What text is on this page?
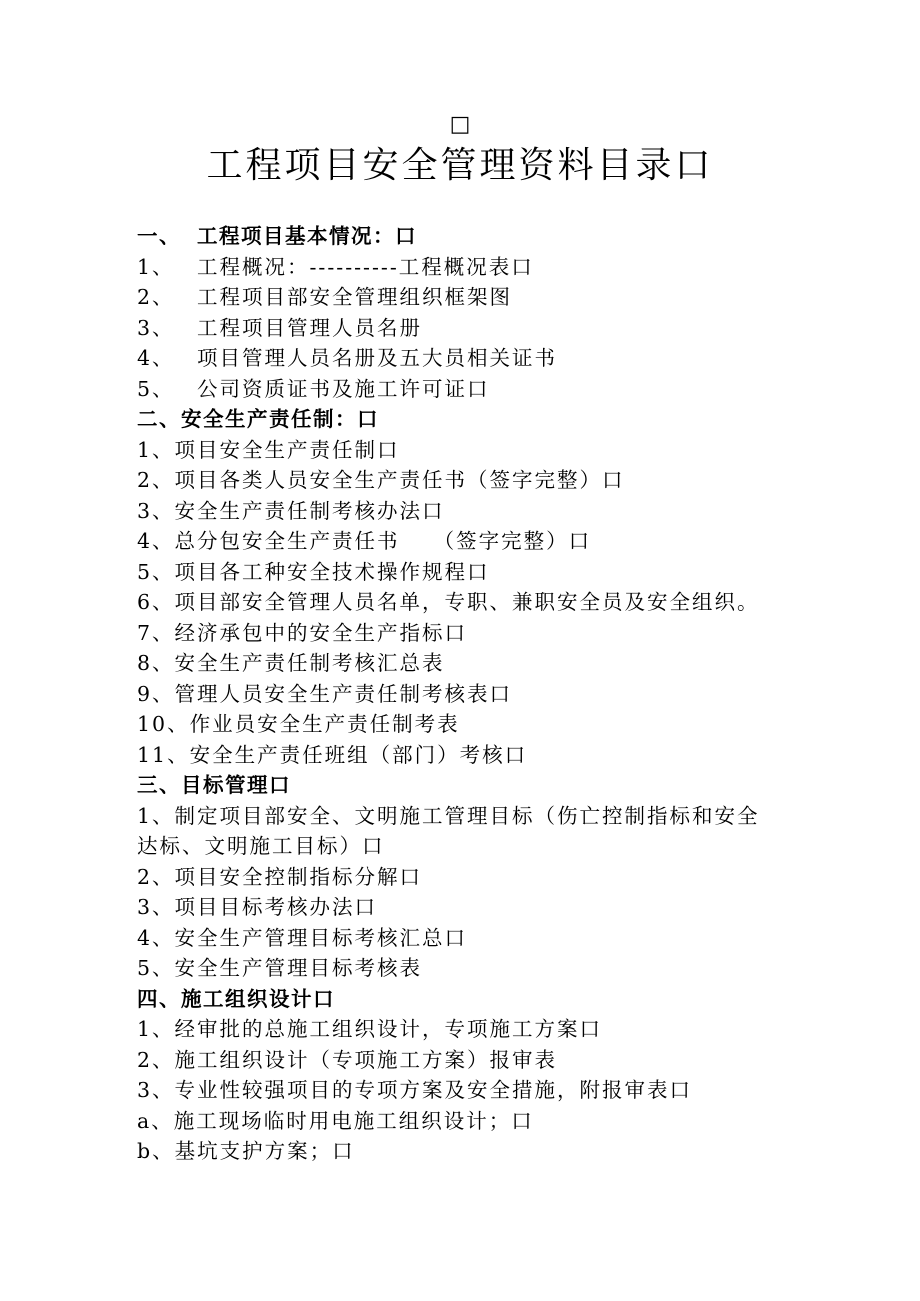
□
工程项目安全管理资料目录口
一、 工程项目基本情况：口
1、 工程概况：----------工程概况表口
2、 工程项目部安全管理组织框架图
3、 工程项目管理人员名册
4、 项目管理人员名册及五大员相关证书
5、 公司资质证书及施工许可证口
二、安全生产责任制：口
1、项目安全生产责任制口
2、项目各类人员安全生产责任书（签字完整）口
3、安全生产责任制考核办法口
4、总分包安全生产责任书    （签字完整）口
5、项目各工种安全技术操作规程口
6、项目部安全管理人员名单，专职、兼职安全员及安全组织。
7、经济承包中的安全生产指标口
8、安全生产责任制考核汇总表
9、管理人员安全生产责任制考核表口
10、作业员安全生产责任制考表
11、安全生产责任班组（部门）考核口
三、目标管理口
1、制定项目部安全、文明施工管理目标（伤亡控制指标和安全
达标、文明施工目标）口
2、项目安全控制指标分解口
3、项目目标考核办法口
4、安全生产管理目标考核汇总口
5、安全生产管理目标考核表
四、施工组织设计口
1、经审批的总施工组织设计，专项施工方案口
2、施工组织设计（专项施工方案）报审表
3、专业性较强项目的专项方案及安全措施，附报审表口
a、施工现场临时用电施工组织设计；口
b、基坑支护方案；口
